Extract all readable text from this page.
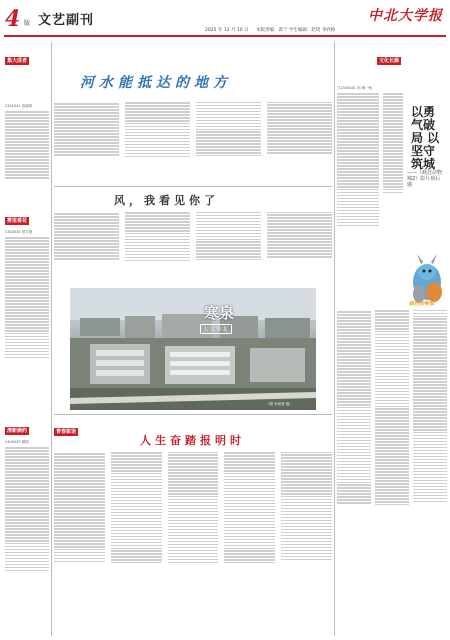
4 版 文艺副刊
2025 年 12 月 10 日 本版责编：葛宁 学生编辑：赵琦 李欣格
中北大学报
集大成者
2301041 蒋晓琪
雾里看花
2304034 蔡方艳
清新婉约
2409043 顾婷
河水能抵达的地方
风，我看见你了
寒泉
人文中北
（图 李雨萱 摄）
青春絮语
人生奋踏报明时
文化长廊
□2304041 刘 卿一帆
以勇气破局 以坚守筑城
——《疯狂动物城2》影片观后感
疯狂动物城
